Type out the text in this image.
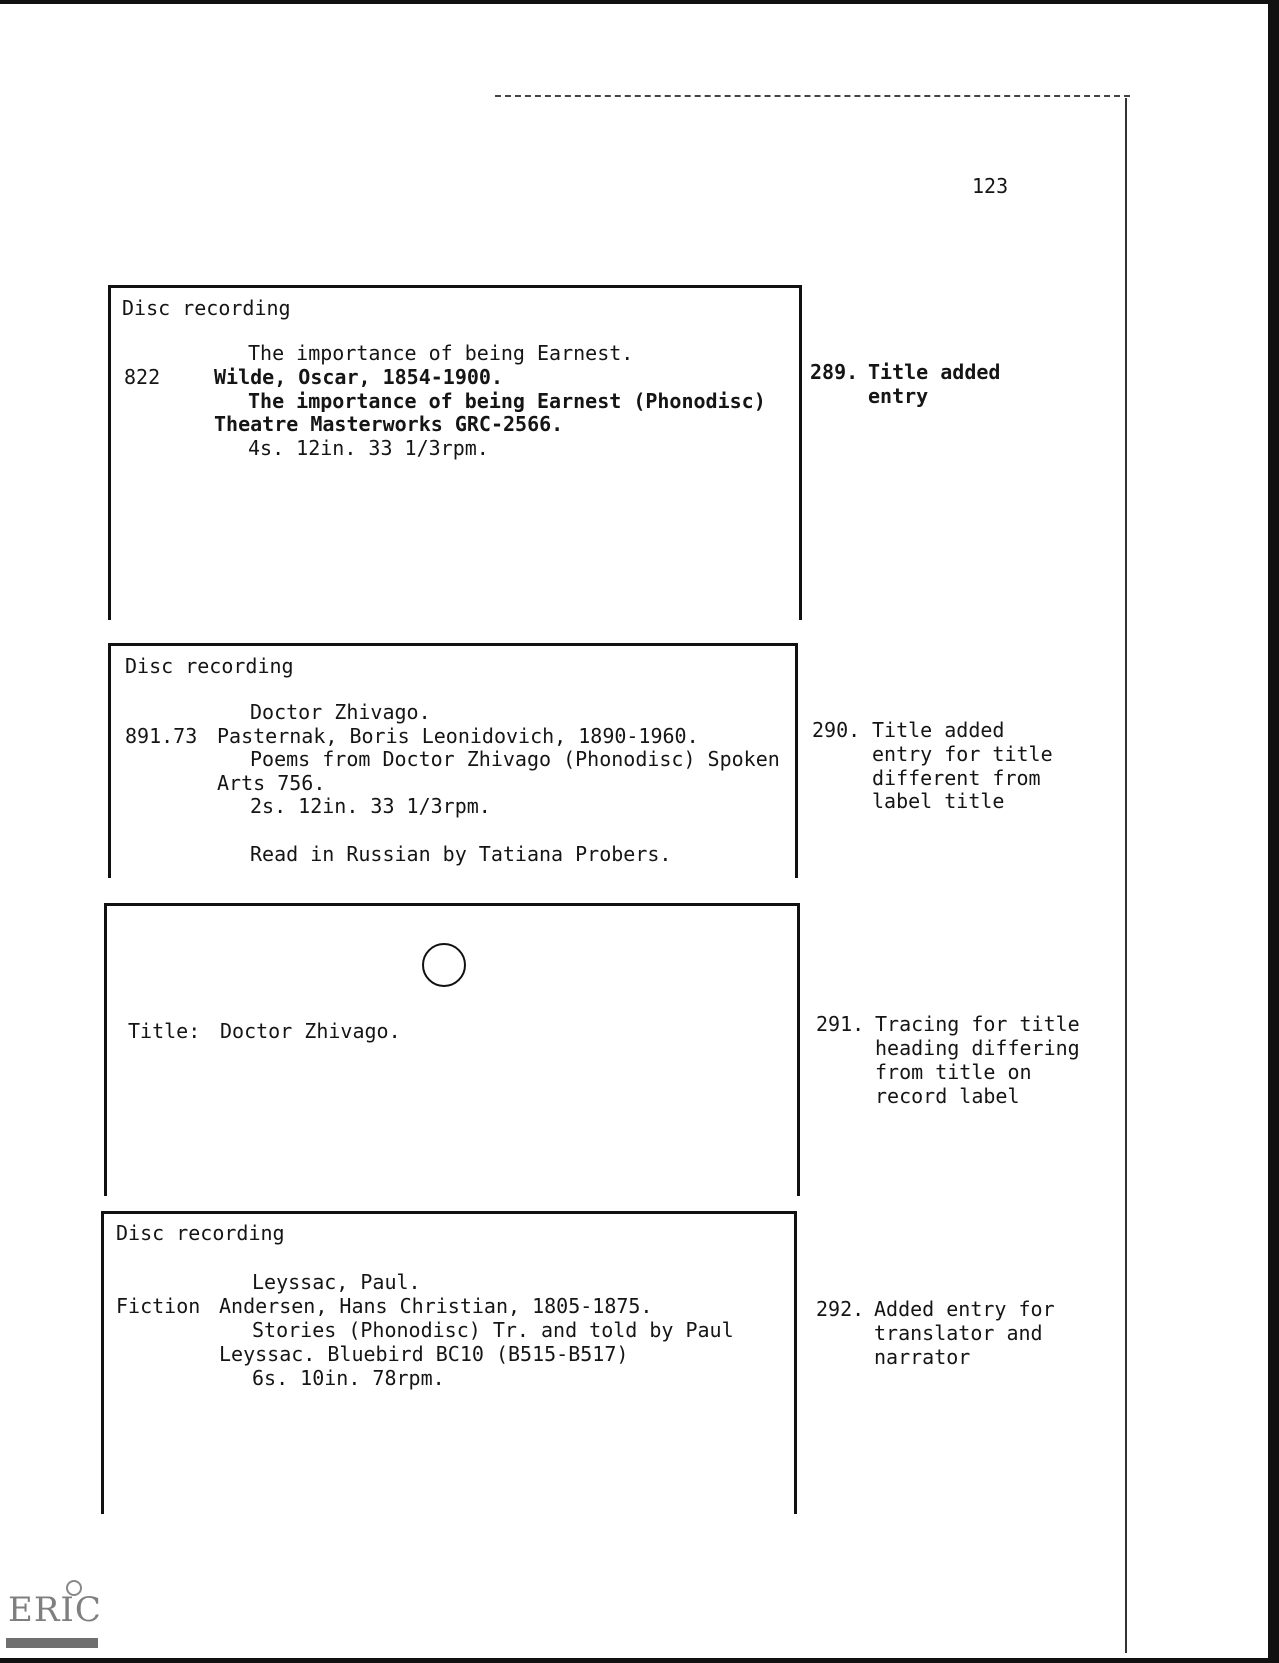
123
Disc recording
The importance of being Earnest.
822	Wilde, Oscar, 1854-1900.
The importance of being Earnest (Phonodisc)
Theatre Masterworks GRC-2566.
4s. 12in. 33 1/3rpm.
289. Title added
entry
Disc recording
Doctor Zhivago.
891.73 Pasternak, Boris Leonidovich, 1890-1960.
Poems from Doctor Zhivago (Phonodisc) Spoken
Arts 756.
2s. 12in. 33 1/3rpm.
Read in Russian by Tatiana Probers.
290. Title added
entry for title
different from
label title
Title: Doctor Zhivago.	291. Tracing for title
heading differing
from title on
record label
Disc recording
Leyssac, Paul.
Fiction Andersen, Hans Christian, 1805-1875.
Stories (Phonodisc) Tr. and told by Paul
Leyssac. Bluebird BC10 (B515-B517)
6s. 10in. 78rpm.
292. Added entry for
translator and
narrator
ERIC
